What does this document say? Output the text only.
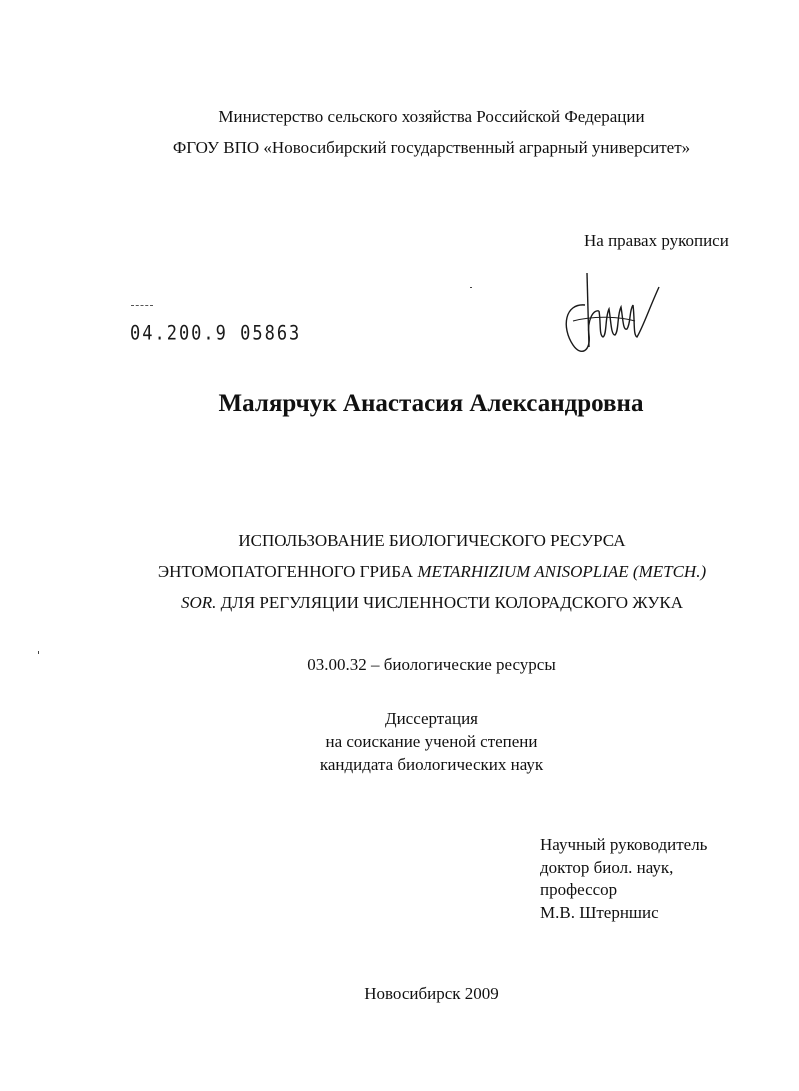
Министерство сельского хозяйства Российской Федерации
ФГОУ ВПО «Новосибирский государственный аграрный университет»
На правах рукописи
04.200.9 05863
Малярчук Анастасия Александровна
ИСПОЛЬЗОВАНИЕ БИОЛОГИЧЕСКОГО РЕСУРСА
ЭНТОМОПАТОГЕННОГО ГРИБА METARHIZIUM ANISOPLIAE (METCH.)
SOR. ДЛЯ РЕГУЛЯЦИИ ЧИСЛЕННОСТИ КОЛОРАДСКОГО ЖУКА
03.00.32 – биологические ресурсы
Диссертация
на соискание ученой степени
кандидата биологических наук
Научный руководитель
доктор биол. наук,
профессор
М.В. Штерншис
Новосибирск 2009
